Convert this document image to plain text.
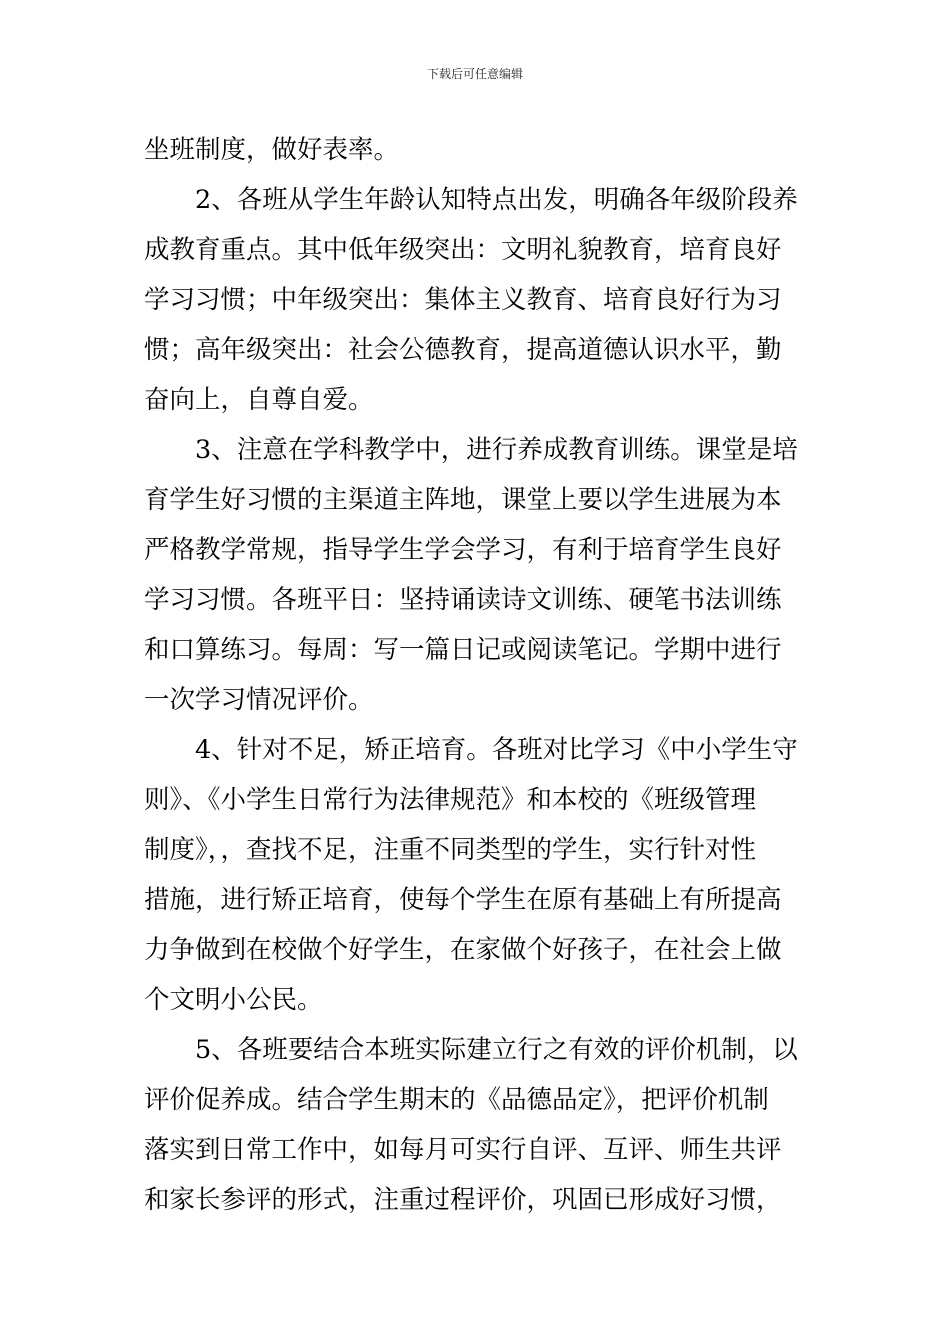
下载后可任意编辑
坐班制度，做好表率。
2、各班从学生年龄认知特点出发，明确各年级阶段养
成教育重点。其中低年级突出：文明礼貌教育，培育良好
学习习惯；中年级突出：集体主义教育、培育良好行为习
惯；高年级突出：社会公德教育，提高道德认识水平，勤
奋向上，自尊自爱。
3、注意在学科教学中，进行养成教育训练。课堂是培
育学生好习惯的主渠道主阵地，课堂上要以学生进展为本
严格教学常规，指导学生学会学习，有利于培育学生良好
学习习惯。各班平日：坚持诵读诗文训练、硬笔书法训练
和口算练习。每周：写一篇日记或阅读笔记。学期中进行
一次学习情况评价。
4、针对不足，矫正培育。各班对比学习《中小学生守
则》、《小学生日常行为法律规范》和本校的《班级管理
制度》，，查找不足，注重不同类型的学生，实行针对性
措施，进行矫正培育，使每个学生在原有基础上有所提高
力争做到在校做个好学生，在家做个好孩子，在社会上做
个文明小公民。
5、各班要结合本班实际建立行之有效的评价机制，以
评价促养成。结合学生期末的《品德品定》，把评价机制
落实到日常工作中，如每月可实行自评、互评、师生共评
和家长参评的形式，注重过程评价，巩固已形成好习惯，
